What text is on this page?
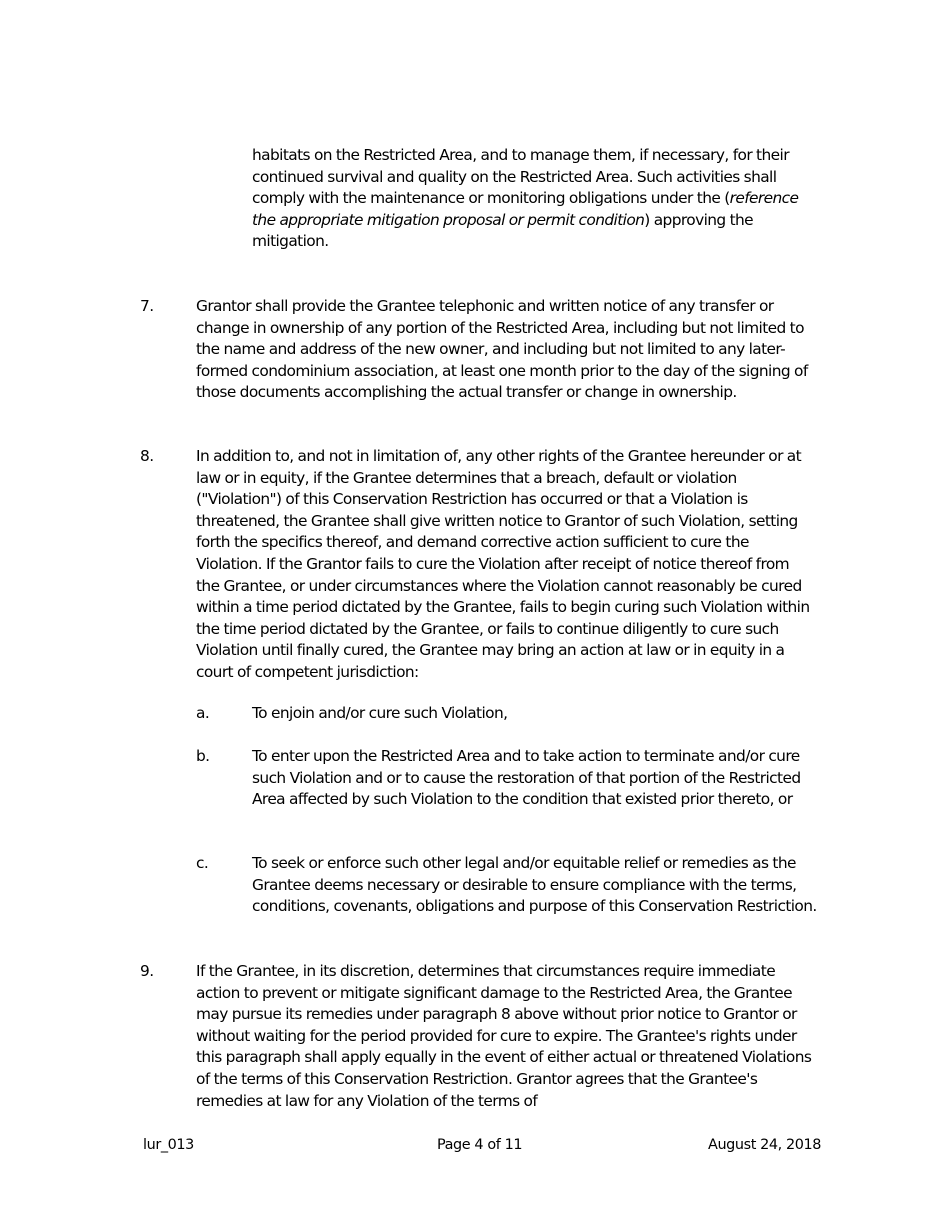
habitats on the Restricted Area, and to manage them, if necessary, for their continued survival and quality on the Restricted Area. Such activities shall comply with the maintenance or monitoring obligations under the (reference the appropriate mitigation proposal or permit condition) approving the mitigation.

7.	Grantor shall provide the Grantee telephonic and written notice of any transfer or change in ownership of any portion of the Restricted Area, including but not limited to the name and address of the new owner, and including but not limited to any later-formed condominium association, at least one month prior to the day of the signing of those documents accomplishing the actual transfer or change in ownership.

8.	In addition to, and not in limitation of, any other rights of the Grantee hereunder or at law or in equity, if the Grantee determines that a breach, default or violation ("Violation") of this Conservation Restriction has occurred or that a Violation is threatened, the Grantee shall give written notice to Grantor of such Violation, setting forth the specifics thereof, and demand corrective action sufficient to cure the Violation. If the Grantor fails to cure the Violation after receipt of notice thereof from the Grantee, or under circumstances where the Violation cannot reasonably be cured within a time period dictated by the Grantee, fails to begin curing such Violation within the time period dictated by the Grantee, or fails to continue diligently to cure such Violation until finally cured, the Grantee may bring an action at law or in equity in a court of competent jurisdiction:

a.	To enjoin and/or cure such Violation,

b.	To enter upon the Restricted Area and to take action to terminate and/or cure such Violation and or to cause the restoration of that portion of the Restricted Area affected by such Violation to the condition that existed prior thereto, or

c.	To seek or enforce such other legal and/or equitable relief or remedies as the Grantee deems necessary or desirable to ensure compliance with the terms, conditions, covenants, obligations and purpose of this Conservation Restriction.

9.	If the Grantee, in its discretion, determines that circumstances require immediate action to prevent or mitigate significant damage to the Restricted Area, the Grantee may pursue its remedies under paragraph 8 above without prior notice to Grantor or without waiting for the period provided for cure to expire. The Grantee's rights under this paragraph shall apply equally in the event of either actual or threatened Violations of the terms of this Conservation Restriction. Grantor agrees that the Grantee's remedies at law for any Violation of the terms of

lur_013	Page 4 of 11	August 24, 2018
